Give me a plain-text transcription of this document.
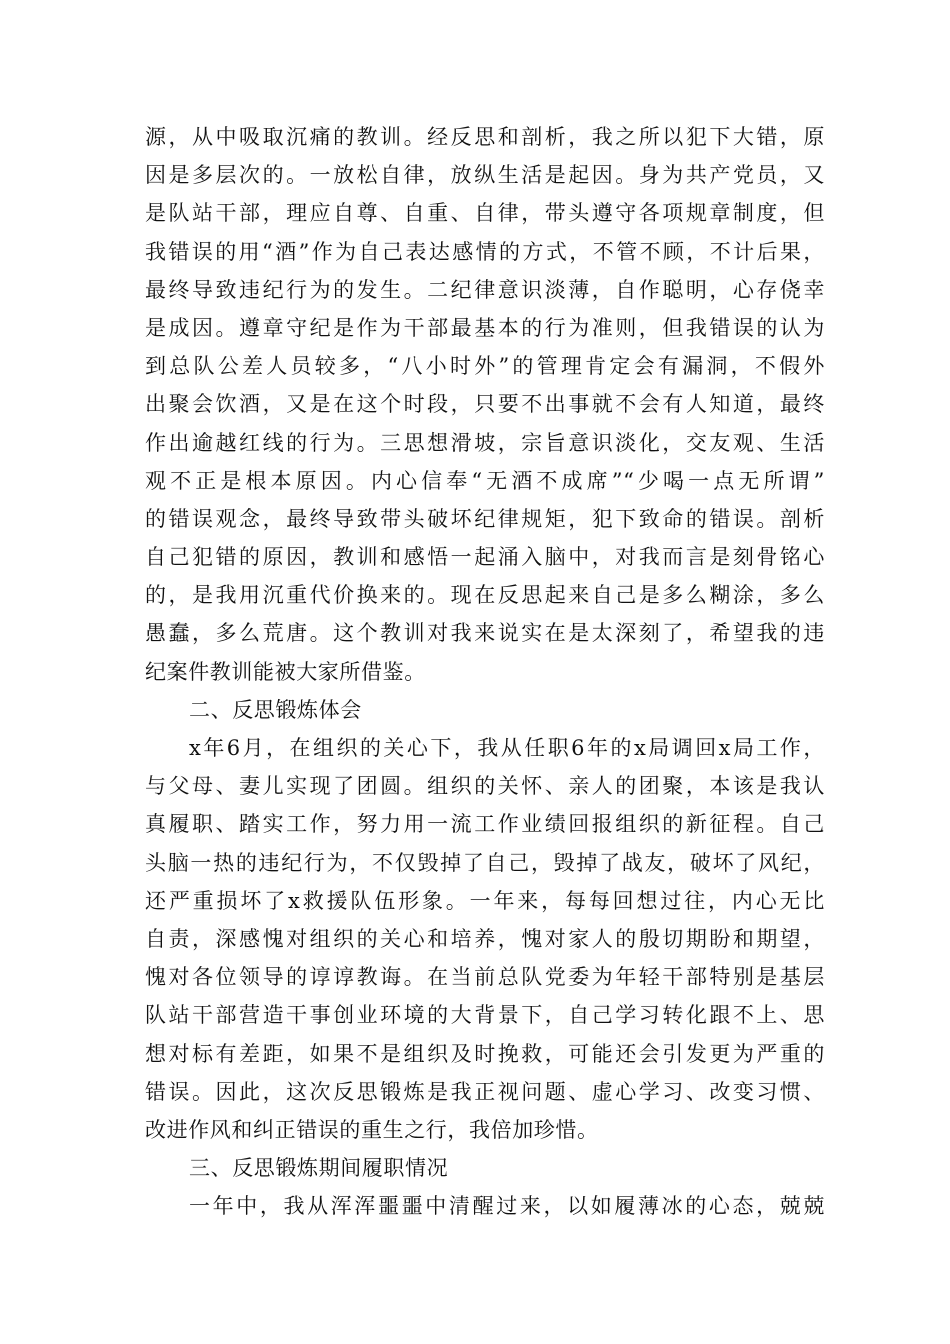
源，从中吸取沉痛的教训。经反思和剖析，我之所以犯下大错，原
因是多层次的。一放松自律，放纵生活是起因。身为共产党员，又
是队站干部，理应自尊、自重、自律，带头遵守各项规章制度，但
我错误的用“酒”作为自己表达感情的方式，不管不顾，不计后果，
最终导致违纪行为的发生。二纪律意识淡薄，自作聪明，心存侥幸
是成因。遵章守纪是作为干部最基本的行为准则，但我错误的认为
到总队公差人员较多，“八小时外”的管理肯定会有漏洞，不假外
出聚会饮酒，又是在这个时段，只要不出事就不会有人知道，最终
作出逾越红线的行为。三思想滑坡，宗旨意识淡化，交友观、生活
观不正是根本原因。内心信奉“无酒不成席”“少喝一点无所谓”
的错误观念，最终导致带头破坏纪律规矩，犯下致命的错误。剖析
自己犯错的原因，教训和感悟一起涌入脑中，对我而言是刻骨铭心
的，是我用沉重代价换来的。现在反思起来自己是多么糊涂，多么
愚蠢，多么荒唐。这个教训对我来说实在是太深刻了，希望我的违
纪案件教训能被大家所借鉴。
二、反思锻炼体会
x年6月，在组织的关心下，我从任职6年的x局调回x局工作，
与父母、妻儿实现了团圆。组织的关怀、亲人的团聚，本该是我认
真履职、踏实工作，努力用一流工作业绩回报组织的新征程。自己
头脑一热的违纪行为，不仅毁掉了自己，毁掉了战友，破坏了风纪，
还严重损坏了x救援队伍形象。一年来，每每回想过往，内心无比
自责，深感愧对组织的关心和培养，愧对家人的殷切期盼和期望，
愧对各位领导的谆谆教诲。在当前总队党委为年轻干部特别是基层
队站干部营造干事创业环境的大背景下，自己学习转化跟不上、思
想对标有差距，如果不是组织及时挽救，可能还会引发更为严重的
错误。因此，这次反思锻炼是我正视问题、虚心学习、改变习惯、
改进作风和纠正错误的重生之行，我倍加珍惜。
三、反思锻炼期间履职情况
一年中，我从浑浑噩噩中清醒过来，以如履薄冰的心态，兢兢
